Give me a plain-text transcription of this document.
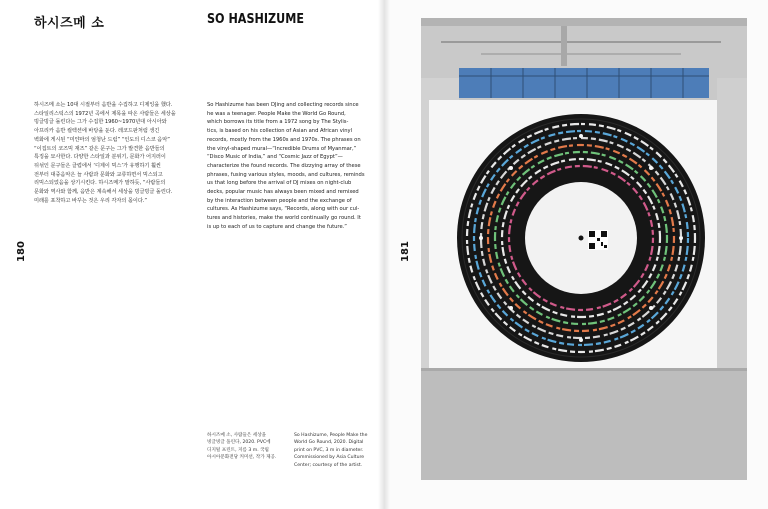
하시즈메 소	SO HASHIZUME
하시즈메 소는 10대 시절부터 음반을 수집하고 디제잉을 했다.
스타일리스틱스의 1972년 곡에서 제목을 따온 사람들은 세상을
빙글빙글 돌린다는 그가 수집한 1960~1970년대 아시아와
아프리카 음반 컬렉션에 바탕을 둔다. 레코드판처럼 생긴
벽화에 게시된 “미얀마의 엄청난 드럼” “인도의 디스코 음악”
“이집트의 코즈믹 재즈” 같은 문구는 그가 발견한 음반들의
특징을 묘사한다. 다양한 스타일과 분위기, 문화가 어지러이
뒤섞인 문구들은 클럽에서 ‘디제이 믹스’가 유행하기 훨씬
전부터 대중음악은 늘 사람과 문화와 교류하면서 믹스되고
리믹스되었음을 상기시킨다. 하시즈메가 말하듯, “사람들의
문화와 역사와 함께, 음반은 계속해서 세상을 빙글빙글 돌린다.
미래를 포착하고 바꾸는 것은 우리 각자의 몫이다.”
So Hashizume has been DJing and collecting records since
he was a teenager. People Make the World Go Round,
which borrows its title from a 1972 song by The Stylis-
tics, is based on his collection of Asian and African vinyl
records, mostly from the 1960s and 1970s. The phrases on
the vinyl-shaped mural—“Incredible Drums of Myanmar,”
“Disco Music of India,” and “Cosmic Jazz of Egypt”—
characterize the found records. The dizzying array of these
phrases, fusing various styles, moods, and cultures, reminds
us that long before the arrival of DJ mixes on night-club
decks, popular music has always been mixed and remixed
by the interaction between people and the exchange of
cultures. As Hashizume says, “Records, along with our cul-
tures and histories, make the world continually go round. It
is up to each of us to capture and change the future.”
180
하시즈메 소, 사람들은 세상을
빙글빙글 돌린다, 2020. PVC에
디지털 프린트, 지름 3 m. 국립
아시아문화전당 커미션, 작가 제공.
So Hashizume, People Make the
World Go Round, 2020. Digital
print on PVC, 3 m in diameter.
Commissioned by Asia Culture
Center; courtesy of the artist.
181
